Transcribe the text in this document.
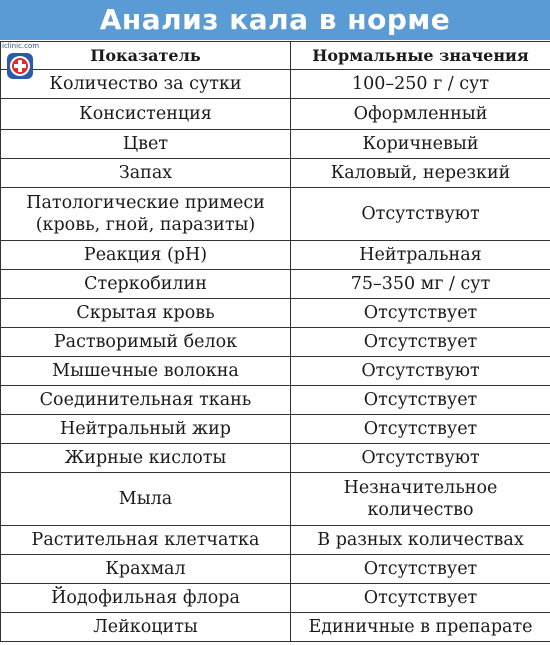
Анализ кала в норме
Показатель	Нормальные значения
Количество за сутки	100–250 г / сут
Консистенция	Оформленный
Цвет	Коричневый
Запах	Каловый, нерезкий
Патологические примеси (кровь, гной, паразиты)	Отсутствуют
Реакция (pH)	Нейтральная
Стеркобилин	75–350 мг / сут
Скрытая кровь	Отсутствует
Растворимый белок	Отсутствует
Мышечные волокна	Отсутствуют
Соединительная ткань	Отсутствует
Нейтральный жир	Отсутствует
Жирные кислоты	Отсутствуют
Мыла	Незначительное количество
Растительная клетчатка	В разных количествах
Крахмал	Отсутствует
Йодофильная флора	Отсутствует
Лейкоциты	Единичные в препарате
iclinic.com
